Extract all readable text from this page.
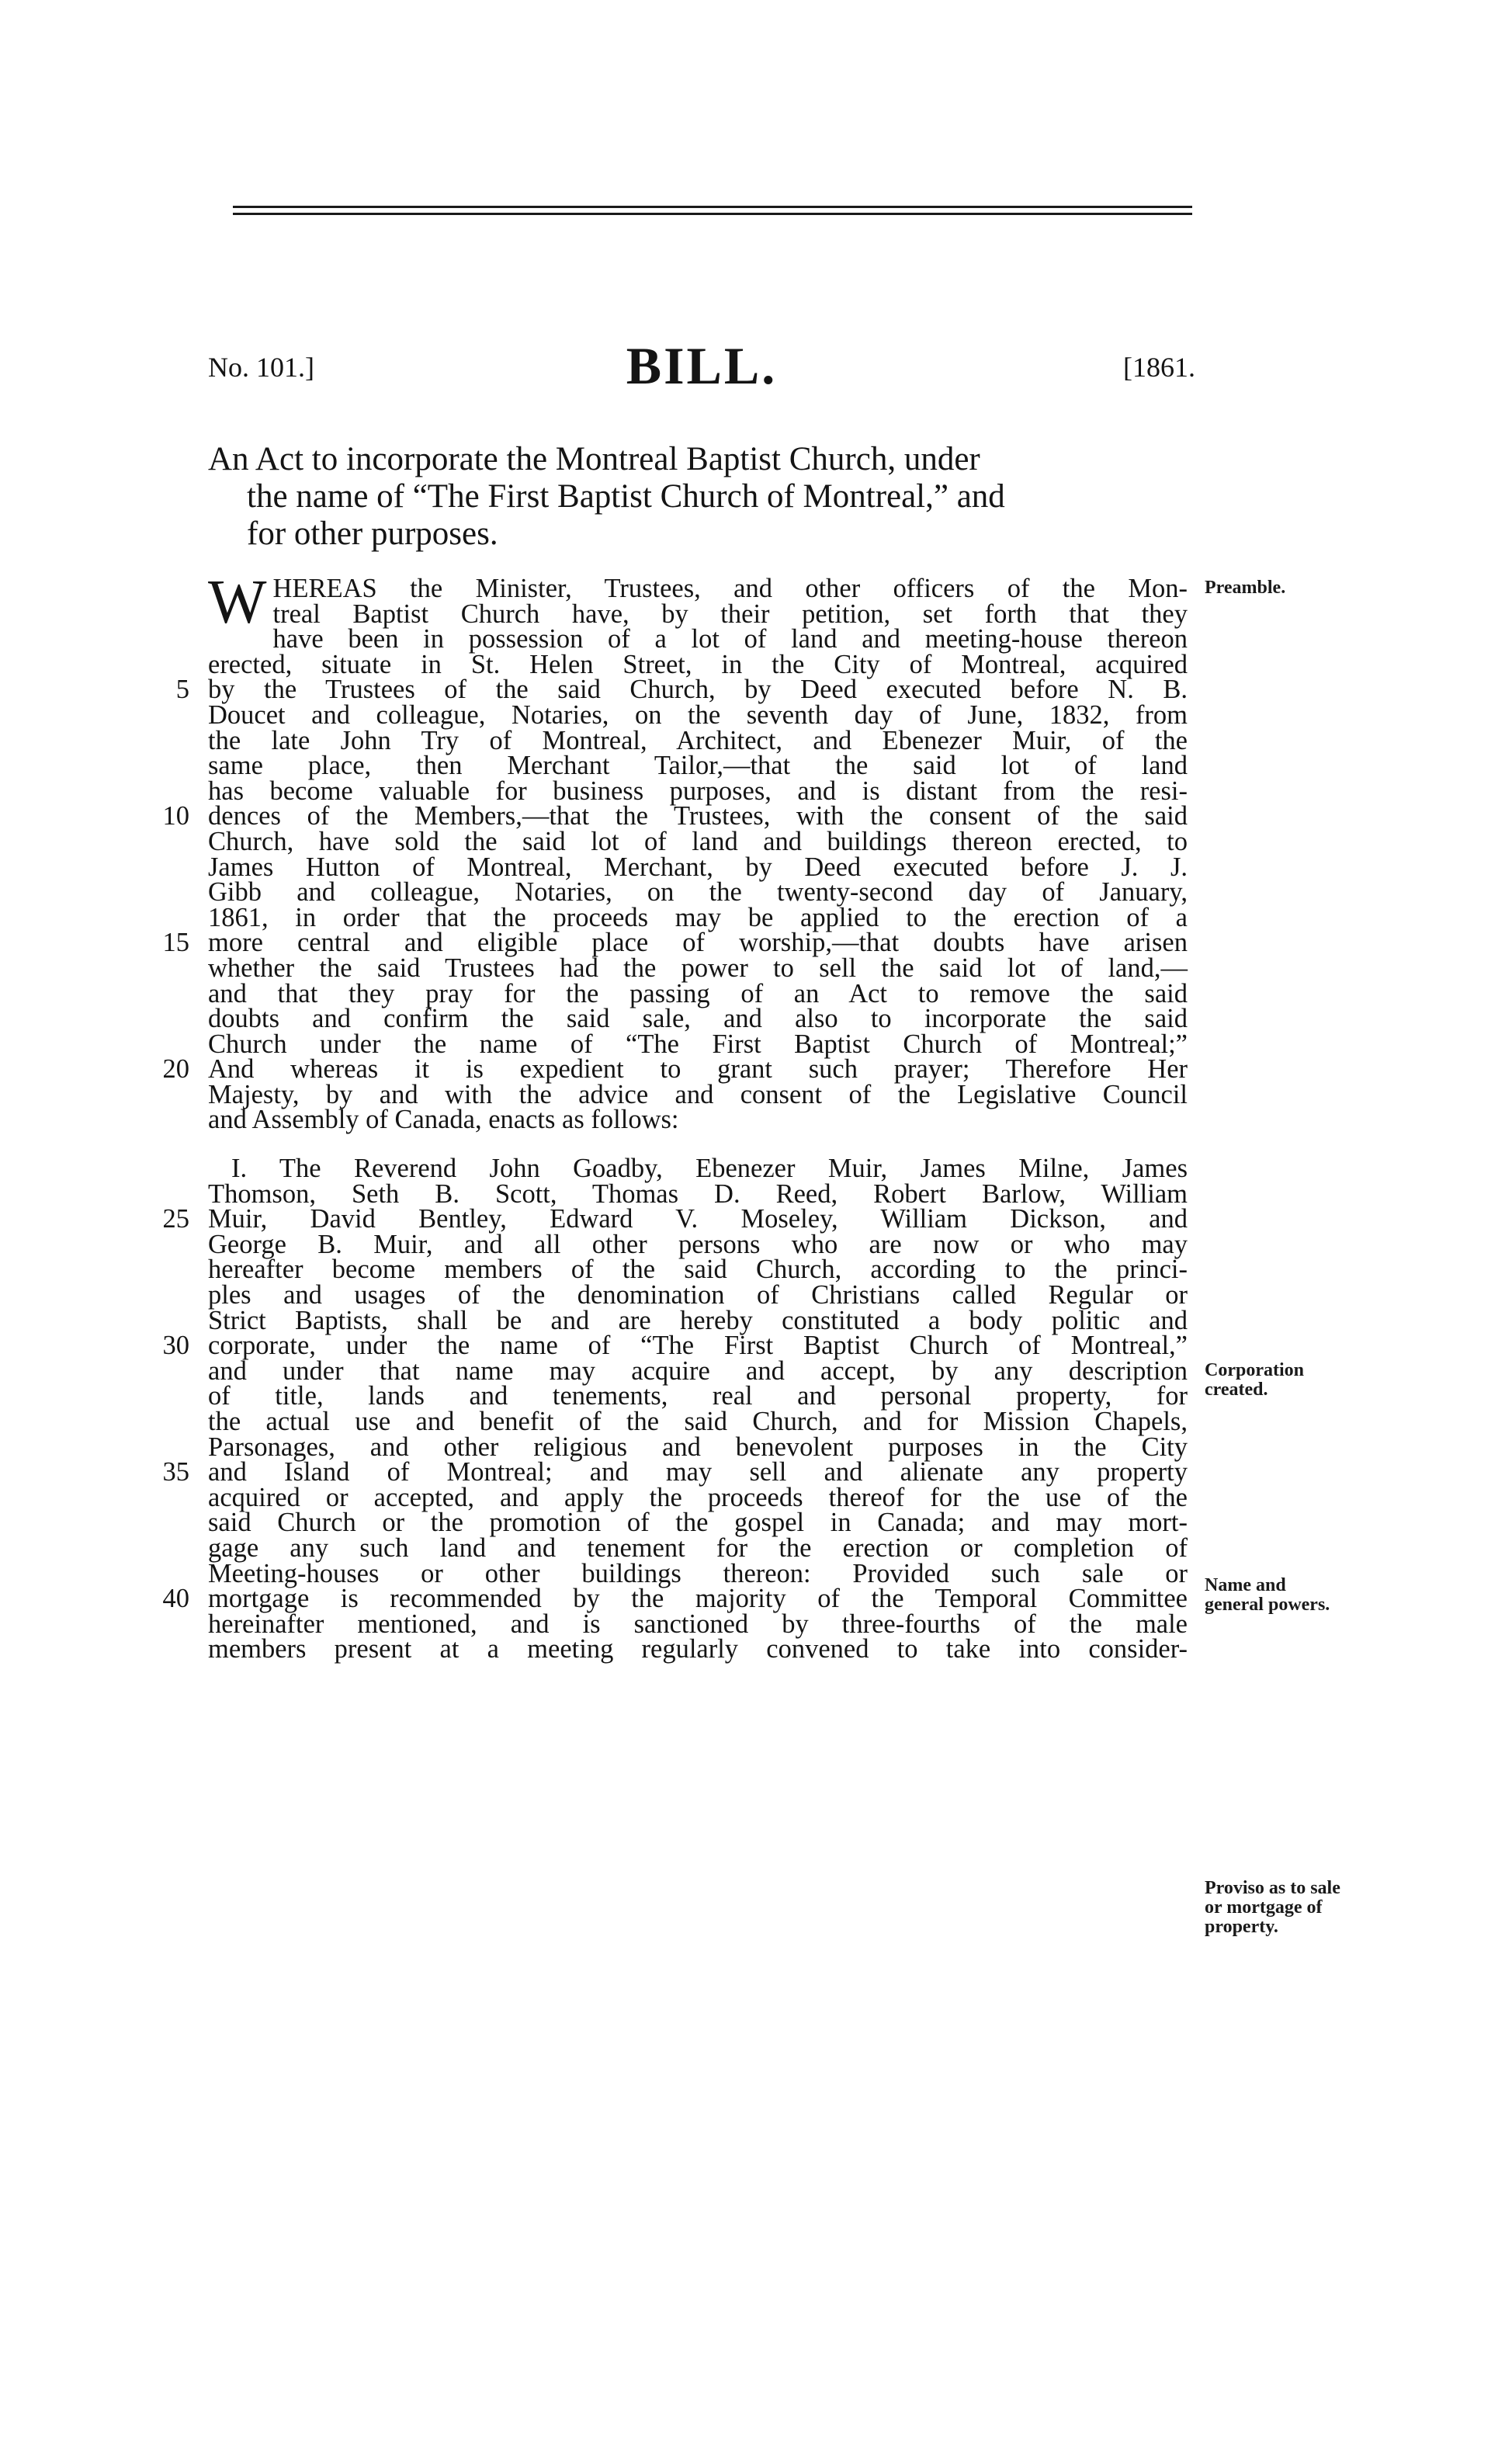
No. 101.]	BILL.	[1861.
An Act to incorporate the Montreal Baptist Church, under
the name of “The First Baptist Church of Montreal,” and
for other purposes.
W HEREAS the Minister, Trustees, and other officers of the Mon-
treal Baptist Church have, by their petition, set forth that they
have been in possession of a lot of land and meeting-house thereon
erected, situate in St. Helen Street, in the City of Montreal, acquired
5 by the Trustees of the said Church, by Deed executed before N. B.
Doucet and colleague, Notaries, on the seventh day of June, 1832, from
the late John Try of Montreal, Architect, and Ebenezer Muir, of the
same place, then Merchant Tailor,—that the said lot of land
has become valuable for business purposes, and is distant from the resi-
10 dences of the Members,—that the Trustees, with the consent of the said
Church, have sold the said lot of land and buildings thereon erected, to
James Hutton of Montreal, Merchant, by Deed executed before J. J.
Gibb and colleague, Notaries, on the twenty-second day of January,
1861, in order that the proceeds may be applied to the erection of a
15 more central and eligible place of worship,—that doubts have arisen
whether the said Trustees had the power to sell the said lot of land,—
and that they pray for the passing of an Act to remove the said
doubts and confirm the said sale, and also to incorporate the said
Church under the name of “The First Baptist Church of Montreal;”
20 And whereas it is expedient to grant such prayer; Therefore Her
Majesty, by and with the advice and consent of the Legislative Council
and Assembly of Canada, enacts as follows:
I. The Reverend John Goadby, Ebenezer Muir, James Milne, James
Thomson, Seth B. Scott, Thomas D. Reed, Robert Barlow, William
25 Muir, David Bentley, Edward V. Moseley, William Dickson, and
George B. Muir, and all other persons who are now or who may
hereafter become members of the said Church, according to the princi-
ples and usages of the denomination of Christians called Regular or
Strict Baptists, shall be and are hereby constituted a body politic and
30 corporate, under the name of “The First Baptist Church of Montreal,”
and under that name may acquire and accept, by any description
of title, lands and tenements, real and personal property, for
the actual use and benefit of the said Church, and for Mission Chapels,
Parsonages, and other religious and benevolent purposes in the City
35 and Island of Montreal; and may sell and alienate any property
acquired or accepted, and apply the proceeds thereof for the use of the
said Church or the promotion of the gospel in Canada; and may mort-
gage any such land and tenement for the erection or completion of
Meeting-houses or other buildings thereon: Provided such sale or
40 mortgage is recommended by the majority of the Temporal Committee
hereinafter mentioned, and is sanctioned by three-fourths of the male
members present at a meeting regularly convened to take into consider-
Preamble.
Corporation created.
Name and general powers.
Proviso as to sale or mortgage of property.
